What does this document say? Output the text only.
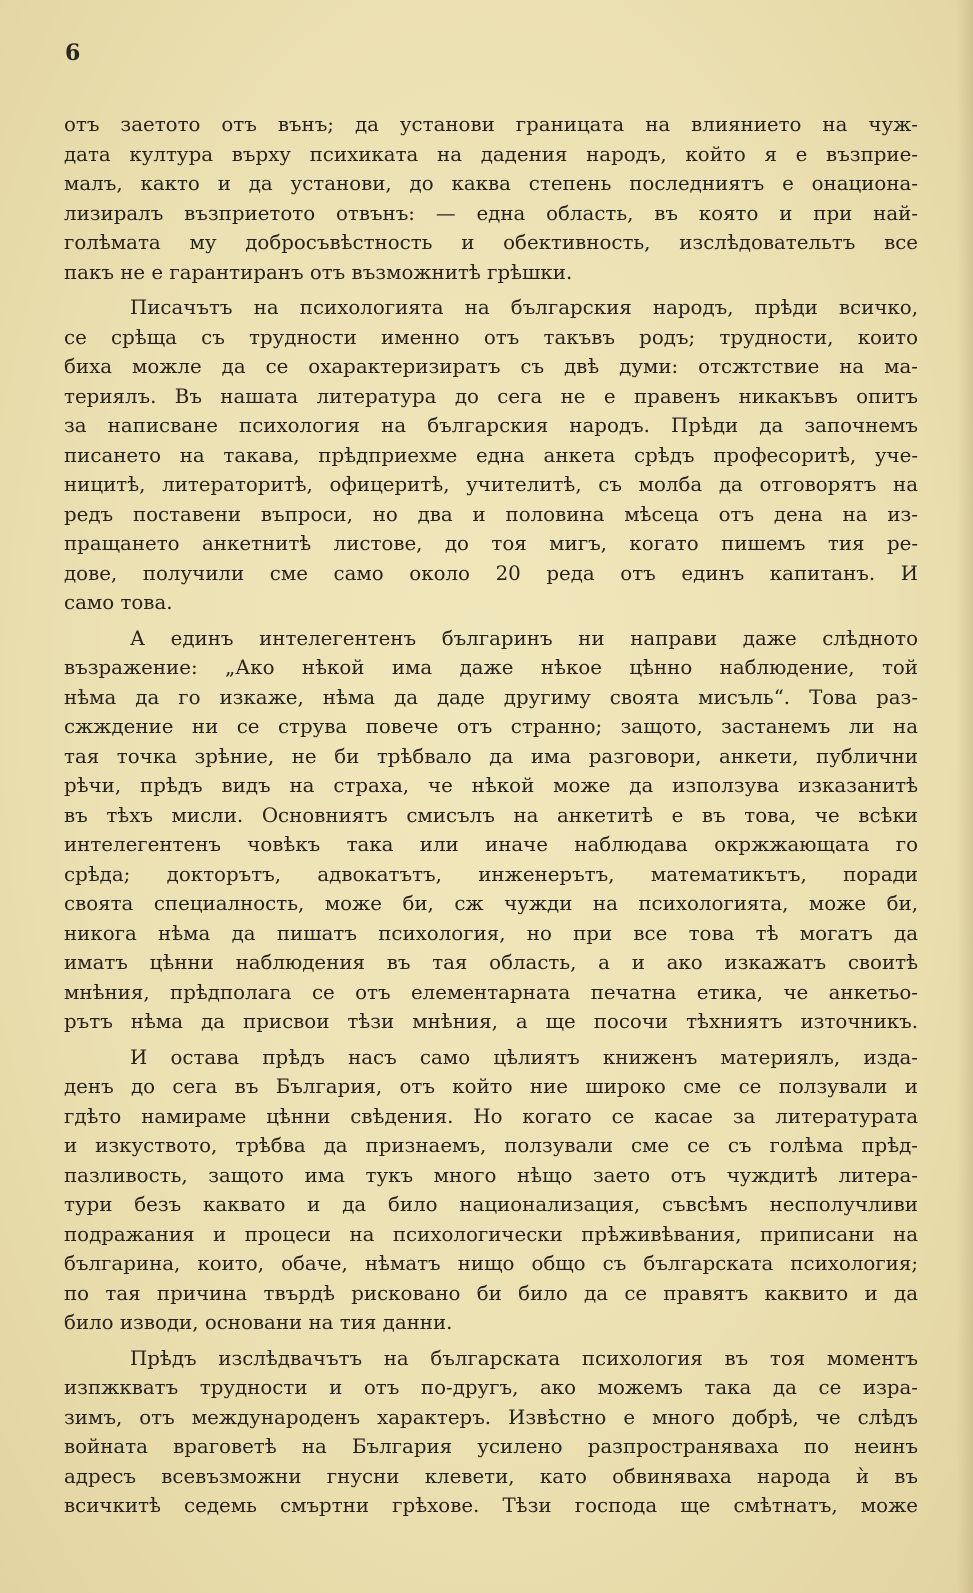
6

отъ заетото отъ вънъ; да установи границата на влиянието на чуж-
дата култура върху психиката на дадения народъ, който я е възприе-
малъ, както и да установи, до каква степень последниятъ е онациона-
лизиралъ възприетото отвънъ: — една область, въ която и при най-
голѣмата му добросъвѣстность и обективность, изслѣдовательтъ все
пакъ не е гарантиранъ отъ възможнитѣ грѣшки.

Писачътъ на психологията на българския народъ, прѣди всичко,
се срѣща съ трудности именно отъ такъвъ родъ; трудности, които
биха можле да се охарактеризиратъ съ двѣ думи: отсжтствие на ма-
териялъ. Въ нашата литература до сега не е правенъ никакъвъ опитъ
за написване психология на българския народъ. Прѣди да започнемъ
писането на такава, прѣдприехме една анкета срѣдъ професоритѣ, уче-
ницитѣ, литераторитѣ, офицеритѣ, учителитѣ, съ молба да отговорятъ на
редъ поставени въпроси, но два и половина мѣсеца отъ дена на из-
пращането анкетнитѣ листове, до тоя мигъ, когато пишемъ тия ре-
дове, получили сме само около 20 реда отъ единъ капитанъ. И
само това.

А единъ интелегентенъ българинъ ни направи даже слѣдното
възражение: „Ако нѣкой има даже нѣкое цѣнно наблюдение, той
нѣма да го изкаже, нѣма да даде другиму своята мисъль“. Това раз-
сжждение ни се струва повече отъ странно; защото, застанемъ ли на
тая точка зрѣние, не би трѣбвало да има разговори, анкети, публични
рѣчи, прѣдъ видъ на страха, че нѣкой може да използува изказанитѣ
въ тѣхъ мисли. Основниятъ смисълъ на анкетитѣ е въ това, че всѣки
интелегентенъ човѣкъ така или иначе наблюдава окржжающата го
срѣда; докторътъ, адвокатътъ, инженерътъ, математикътъ, поради
своята специалность, може би, сж чужди на психологията, може би,
никога нѣма да пишатъ психология, но при все това тѣ могатъ да
иматъ цѣнни наблюдения въ тая область, а и ако изкажатъ своитѣ
мнѣния, прѣдполага се отъ елементарната печатна етика, че анкетьо-
рътъ нѣма да присвои тѣзи мнѣния, а ще посочи тѣхниятъ източникъ.

И остава прѣдъ насъ само цѣлиятъ книженъ материялъ, изда-
денъ до сега въ България, отъ който ние широко сме се ползували и
гдѣто намираме цѣнни свѣдения. Но когато се касае за литературата
и изкуството, трѣбва да признаемъ, ползували сме се съ голѣма прѣд-
пазливость, защото има тукъ много нѣщо заето отъ чуждитѣ литера-
тури безъ каквато и да било национализация, съвсѣмъ несполучливи
подражания и процеси на психологически прѣживѣвания, приписани на
българина, които, обаче, нѣматъ нищо общо съ българската психология;
по тая причина твърдѣ рисковано би било да се правятъ каквито и да
било изводи, основани на тия данни.

Прѣдъ изслѣдвачътъ на българската психология въ тоя моментъ
изпжкватъ трудности и отъ по-другъ, ако можемъ така да се изра-
зимъ, отъ международенъ характеръ. Извѣстно е много добрѣ, че слѣдъ
войната враговетѣ на България усилено разпространяваха по неинъ
адресъ всевъзможни гнусни клевети, като обвиняваха народа ѝ въ
всичкитѣ седемь смъртни грѣхове. Тѣзи господа ще смѣтнатъ, може
